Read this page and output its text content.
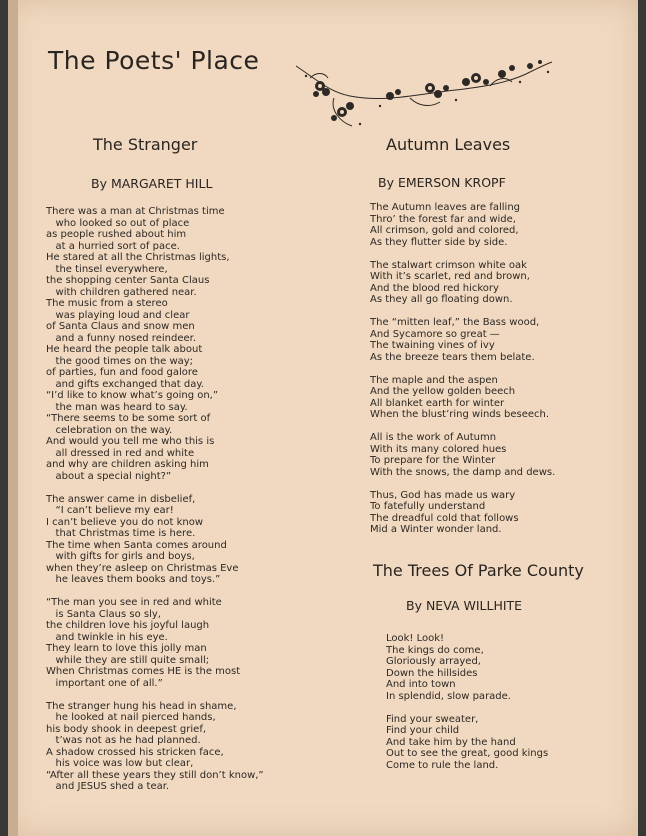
The Poets' Place
The Stranger
By MARGARET HILL
There was a man at Christmas time
who looked so out of place
as people rushed about him
at a hurried sort of pace.
He stared at all the Christmas lights,
the tinsel everywhere,
the shopping center Santa Claus
with children gathered near.
The music from a stereo
was playing loud and clear
of Santa Claus and snow men
and a funny nosed reindeer.
He heard the people talk about
the good times on the way;
of parties, fun and food galore
and gifts exchanged that day.
“I’d like to know what’s going on,”
the man was heard to say.
“There seems to be some sort of
celebration on the way.
And would you tell me who this is
all dressed in red and white
and why are children asking him
about a special night?”
The answer came in disbelief,
“I can’t believe my ear!
I can’t believe you do not know
that Christmas time is here.
The time when Santa comes around
with gifts for girls and boys,
when they’re asleep on Christmas Eve
he leaves them books and toys.”
“The man you see in red and white
is Santa Claus so sly,
the children love his joyful laugh
and twinkle in his eye.
They learn to love this jolly man
while they are still quite small;
When Christmas comes HE is the most
important one of all.”
The stranger hung his head in shame,
he looked at nail pierced hands,
his body shook in deepest grief,
t’was not as he had planned.
A shadow crossed his stricken face,
his voice was low but clear,
“After all these years they still don’t know,”
and JESUS shed a tear.
Autumn Leaves
By EMERSON KROPF
The Autumn leaves are falling
Thro’ the forest far and wide,
All crimson, gold and colored,
As they flutter side by side.
The stalwart crimson white oak
With it’s scarlet, red and brown,
And the blood red hickory
As they all go floating down.
The “mitten leaf,” the Bass wood,
And Sycamore so great —
The twaining vines of ivy
As the breeze tears them belate.
The maple and the aspen
And the yellow golden beech
All blanket earth for winter
When the blust’ring winds beseech.
All is the work of Autumn
With its many colored hues
To prepare for the Winter
With the snows, the damp and dews.
Thus, God has made us wary
To fatefully understand
The dreadful cold that follows
Mid a Winter wonder land.
The Trees Of Parke County
By NEVA WILLHITE
Look! Look!
The kings do come,
Gloriously arrayed,
Down the hillsides
And into town
In splendid, slow parade.
Find your sweater,
Find your child
And take him by the hand
Out to see the great, good kings
Come to rule the land.
